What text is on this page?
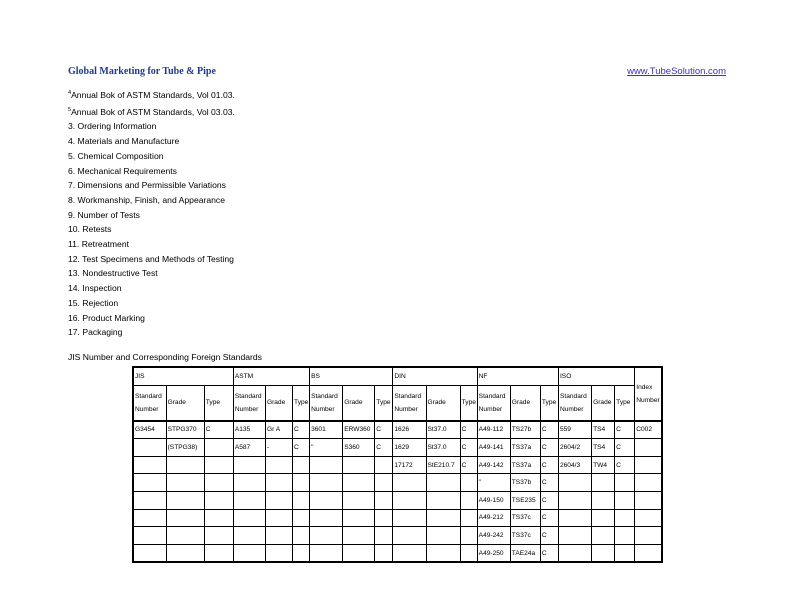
Global Marketing for Tube & Pipe	www.TubeSolution.com
$^4$Annual Bok of ASTM Standards, Vol 01.03.
$^5$Annual Bok of ASTM Standards, Vol 03.03.
3. Ordering Information
4. Materials and Manufacture
5. Chemical Composition
6. Mechanical Requirements
7. Dimensions and Permissible Variations
8. Workmanship, Finish, and Appearance
9. Number of Tests
10. Retests
11. Retreatment
12. Test Specimens and Methods of Testing
13. Nondestructive Test
14. Inspection
15. Rejection
16. Product Marking
17. Packaging
JIS Number and Corresponding Foreign Standards
JIS			ASTM			BS			DIN			NF			ISO			Index Number
Standard Number	Grade	Type	Standard Number	Grade	Type	Standard Number	Grade	Type	Standard Number	Grade	Type	Standard Number	Grade	Type	Standard Number	Grade	Type	
G3454	STPG370	C	A135	Gr A	C	3601	ERW360	C	1626	St37.0	C	A49-112	TS27b	C	559	TS4	C	C002
	(STPG38)		A587	-	C	"	S360	C	1629	St37.0	C	A49-141	TS37a	C	2604/2	TS4	C	
									17172	StE210.7	C	A49-142	TS37a	C	2604/3	TW4	C	
												"	TS37b	C				
												A49-150	TSE235	C				
												A49-212	TS37c	C				
												A49-242	TS37c	C				
												A49-250	TAE24a	C				
